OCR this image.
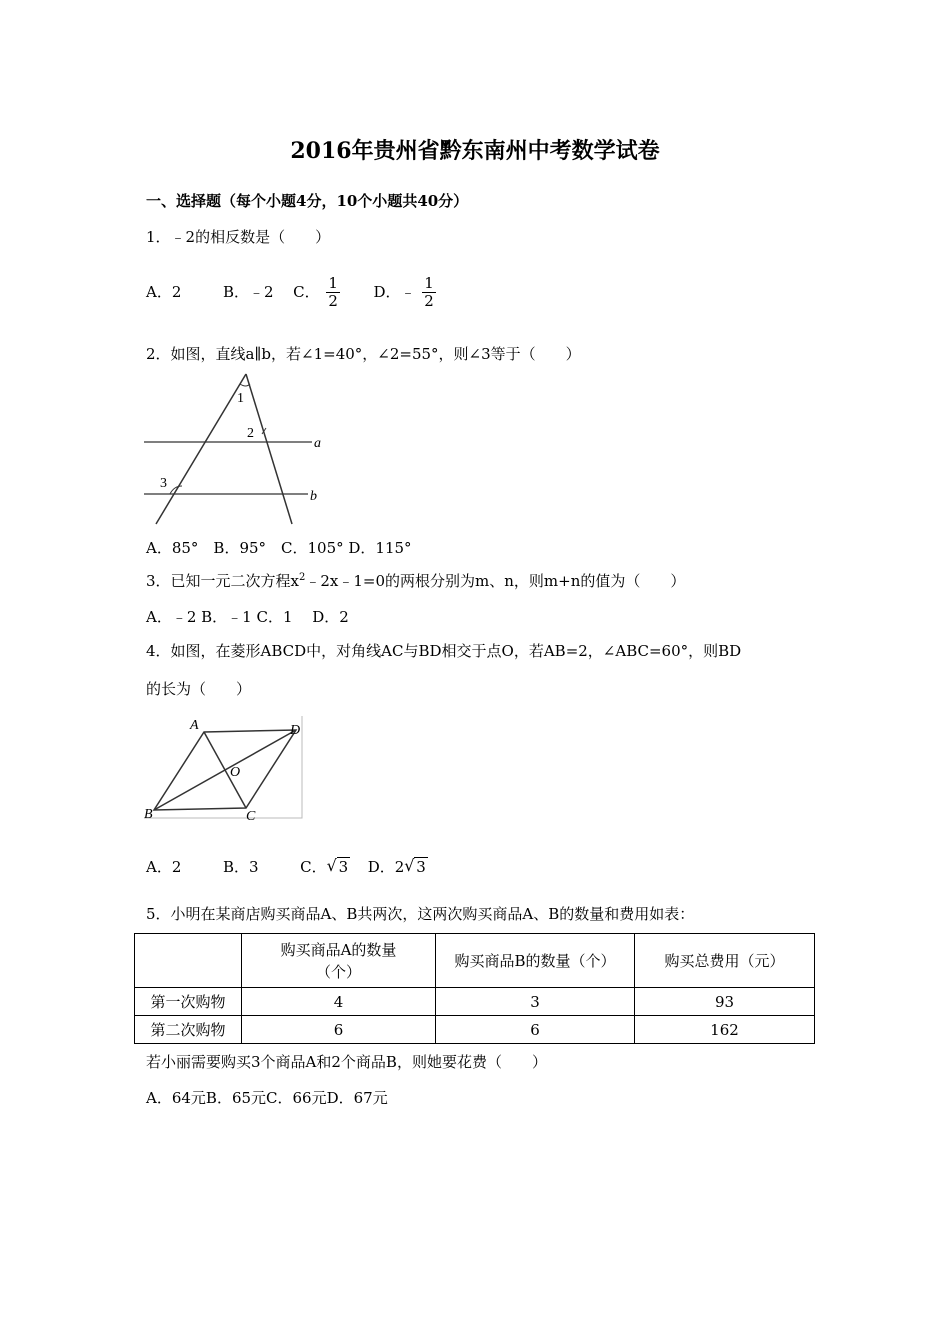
2016年贵州省黔东南州中考数学试卷
一、选择题（每个小题4分，10个小题共40分）
1．﹣2的相反数是（　　）
A．2	B．﹣2 C． $\frac{1}{2}$ D．﹣ $\frac{1}{2}$
2．如图，直线a∥b，若∠1=40°，∠2=55°，则∠3等于（　　）
1
2
3
a
b
A．85°　B．95°　C．105° D．115°
3．已知一元二次方程$x^2﹣2x﹣1=0$的两根分别为m、n，则m+n的值为（　　）
A．﹣2 B．﹣1 C．1　 D．2
4．如图，在菱形ABCD中，对角线AC与BD相交于点O，若AB=2，∠ABC=60°，则BD
的长为（　　）
A	D
B	C
O
A．2	B．3	C． √ 3 D．2 √ 3
5．小明在某商店购买商品A、B共两次，这两次购买商品A、B的数量和费用如表：
	购买商品A的数量
（个）	购买商品B的数量（个）	购买总费用（元）
第一次购物	4	3	93
第二次购物	6	6	162
若小丽需要购买3个商品A和2个商品B，则她要花费（　　）
A．64元B．65元C．66元D．67元
